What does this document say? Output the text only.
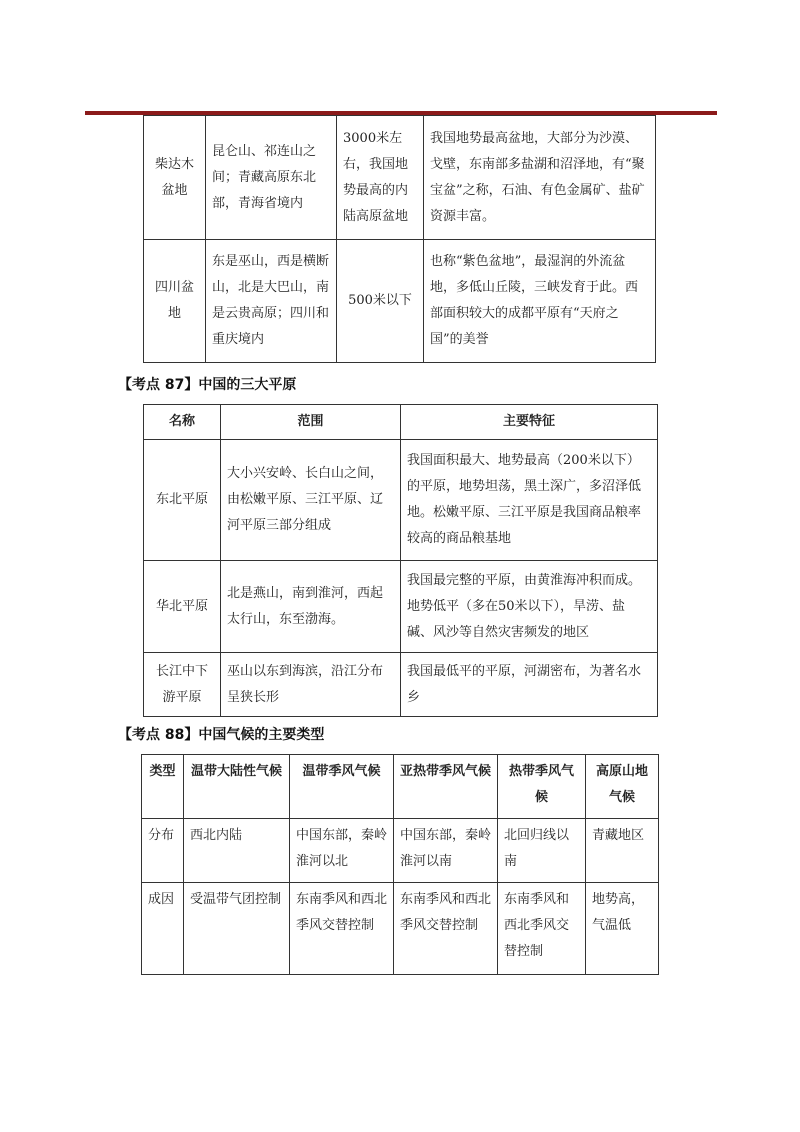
柴达木盆地	昆仑山、祁连山之间；青藏高原东北部，青海省境内	3000米左右，我国地势最高的内陆高原盆地	我国地势最高盆地，大部分为沙漠、戈壁，东南部多盐湖和沼泽地，有“聚宝盆”之称，石油、有色金属矿、盐矿资源丰富。
四川盆地	东是巫山，西是横断山，北是大巴山，南是云贵高原；四川和重庆境内	500米以下	也称“紫色盆地”，最湿润的外流盆地，多低山丘陵，三峡发育于此。西部面积较大的成都平原有“天府之国”的美誉
【考点 87】中国的三大平原
名称	范围	主要特征
东北平原	大小兴安岭、长白山之间，由松嫩平原、三江平原、辽河平原三部分组成	我国面积最大、地势最高（200米以下）的平原，地势坦荡，黑土深广，多沼泽低地。松嫩平原、三江平原是我国商品粮率较高的商品粮基地
华北平原	北是燕山，南到淮河，西起太行山，东至渤海。	我国最完整的平原，由黄淮海冲积而成。地势低平（多在50米以下），旱涝、盐碱、风沙等自然灾害频发的地区
长江中下游平原	巫山以东到海滨，沿江分布呈狭长形	我国最低平的平原，河湖密布，为著名水乡
【考点 88】中国气候的主要类型
类型	温带大陆性气候	温带季风气候	亚热带季风气候	热带季风气候	高原山地气候
分布	西北内陆	中国东部，秦岭淮河以北	中国东部，秦岭淮河以南	北回归线以南	青藏地区
成因	受温带气团控制	东南季风和西北季风交替控制	东南季风和西北季风交替控制	东南季风和西北季风交替控制	地势高，气温低
